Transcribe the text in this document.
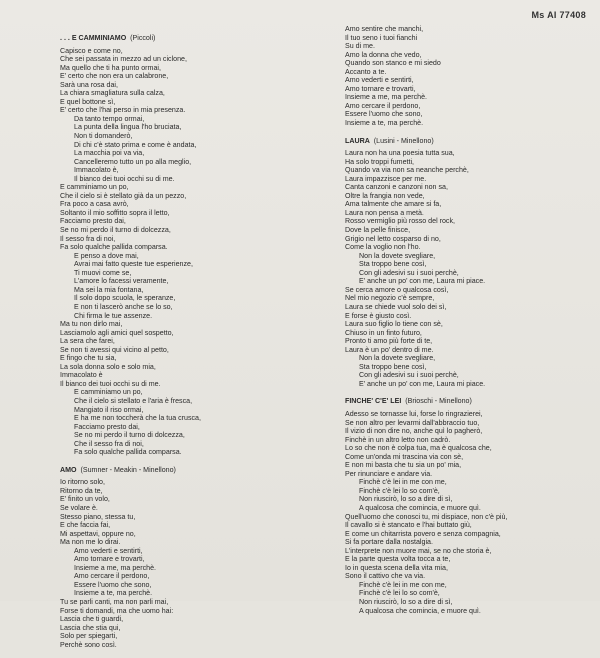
Ms AI 77408
. . . E CAMMINIAMO  (Piccoli)
Capisco e come no,
Che sei passata in mezzo ad un ciclone,
Ma quello che ti ha punto ormai,
E' certo che non era un calabrone,
Sarà una rosa dai,
La chiara smagliatura sulla calza,
E quel bottone sì,
E' certo che l'hai perso in mia presenza.
Da tanto tempo ormai,
La punta della lingua l'ho bruciata,
Non ti domanderò,
Di chi c'è stato prima e come è andata,
La macchia poi va via,
Cancelleremo tutto un po alla meglio,
Immacolato è,
Il bianco dei tuoi occhi su di me.
E camminiamo un po,
Che il cielo si è stellato già da un pezzo,
Fra poco a casa avrò,
Soltanto il mio soffitto sopra il letto,
Facciamo presto dai,
Se no mi perdo il turno di dolcezza,
Il sesso fra di noi,
Fa solo qualche pallida comparsa.
E penso a dove mai,
Avrai mai fatto queste tue esperienze,
Ti muovi come se,
L'amore lo facessi veramente,
Ma sei la mia fontana,
Il solo dopo scuola, le speranze,
E non ti lascerò anche se lo so,
Chi firma le tue assenze.
Ma tu non dirlo mai,
Lasciamolo agli amici quel sospetto,
La sera che farei,
Se non ti avessi qui vicino al petto,
E fingo che tu sia,
La sola donna solo e solo mia,
Immacolato è
Il bianco dei tuoi occhi su di me.
E camminiamo un po,
Che il cielo si stellato e l'aria è fresca,
Mangiato il riso ormai,
E ha me non toccherà che la tua crusca,
Facciamo presto dai,
Se no mi perdo il turno di dolcezza,
Che il sesso fra di noi,
Fa solo qualche pallida comparsa.
AMO  (Sumner - Meakin - Minellono)
Io ritorno solo,
Ritorno da te,
E' finito un volo,
Se volare è.
Stesso piano, stessa tu,
E che faccia fai,
Mi aspettavi, oppure no,
Ma non me lo dirai.
Amo vederti e sentirti,
Amo tornare e trovarti,
Insieme a me, ma perchè.
Amo cercare il perdono,
Essere l'uomo che sono,
Insieme a te, ma perchè.
Tu se parli canti, ma non parli mai,
Forse ti domandi, ma che uomo hai:
Lascia che ti guardi,
Lascia che stia qui,
Solo per spiegarti,
Perchè sono così.
Amo sentire che manchi,
Il tuo seno i tuoi fianchi
Su di me.
Amo la donna che vedo,
Quando son stanco e mi siedo
Accanto a te.
Amo vederti e sentirti,
Amo tornare e trovarti,
Insieme a me, ma perchè.
Amo cercare il perdono,
Essere l'uomo che sono,
Insieme a te, ma perchè.
LAURA  (Lusini - Minellono)
Laura non ha una poesia tutta sua,
Ha solo troppi fumetti,
Quando va via non sa neanche perchè,
Laura impazzisce per me.
Canta canzoni e canzoni non sa,
Oltre la frangia non vede,
Ama talmente che amare si fa,
Laura non pensa a metà.
Rosso vermiglio più rosso del rock,
Dove la pelle finisce,
Grigio nel letto cosparso di no,
Come la voglio non l'ho.
Non la dovete svegliare,
Sta troppo bene così,
Con gli adesivi su i suoi perchè,
E' anche un po' con me, Laura mi piace.
Se cerca amore o qualcosa così,
Nel mio negozio c'è sempre,
Laura se chiede vuol solo dei sì,
E forse è giusto così.
Laura suo figlio lo tiene con sè,
Chiuso in un finto futuro,
Pronto ti amo più forte di te,
Laura è un po' dentro di me.
Non la dovete svegliare,
Sta troppo bene così,
Con gli adesivi su i suoi perchè,
E' anche un po' con me, Laura mi piace.
FINCHE' C'E' LEI  (Brioschi - Minellono)
Adesso se tornasse lui, forse lo ringrazierei,
Se non altro per levarmi dall'abbraccio tuo,
Il vizio di non dire no, anche quì lo pagherò,
Finchè in un altro letto non cadrò.
Lo so che non è colpa tua, ma è qualcosa che,
Come un'onda mi trascina via con sè,
E non mi basta che tu sia un po' mia,
Per rinunciare e andare via.
Finchè c'è lei in me con me,
Finchè c'è lei lo so com'è,
Non riuscirò, lo so a dire di sì,
A qualcosa che comincia, e muore quì.
Quell'uomo che conosci tu, mi dispiace, non c'è più,
Il cavallo si è stancato e l'hai buttato giù,
E come un chitarrista povero e senza compagnia,
Si fa portare dalla nostalgia.
L'interprete non muore mai, se no che storia è,
E la parte questa volta tocca a te,
Io in questa scena della vita mia,
Sono il cattivo che va via.
Finchè c'è lei in me con me,
Finchè c'è lei lo so com'è,
Non riuscirò, lo so a dire di sì,
A qualcosa che comincia, e muore quì.
